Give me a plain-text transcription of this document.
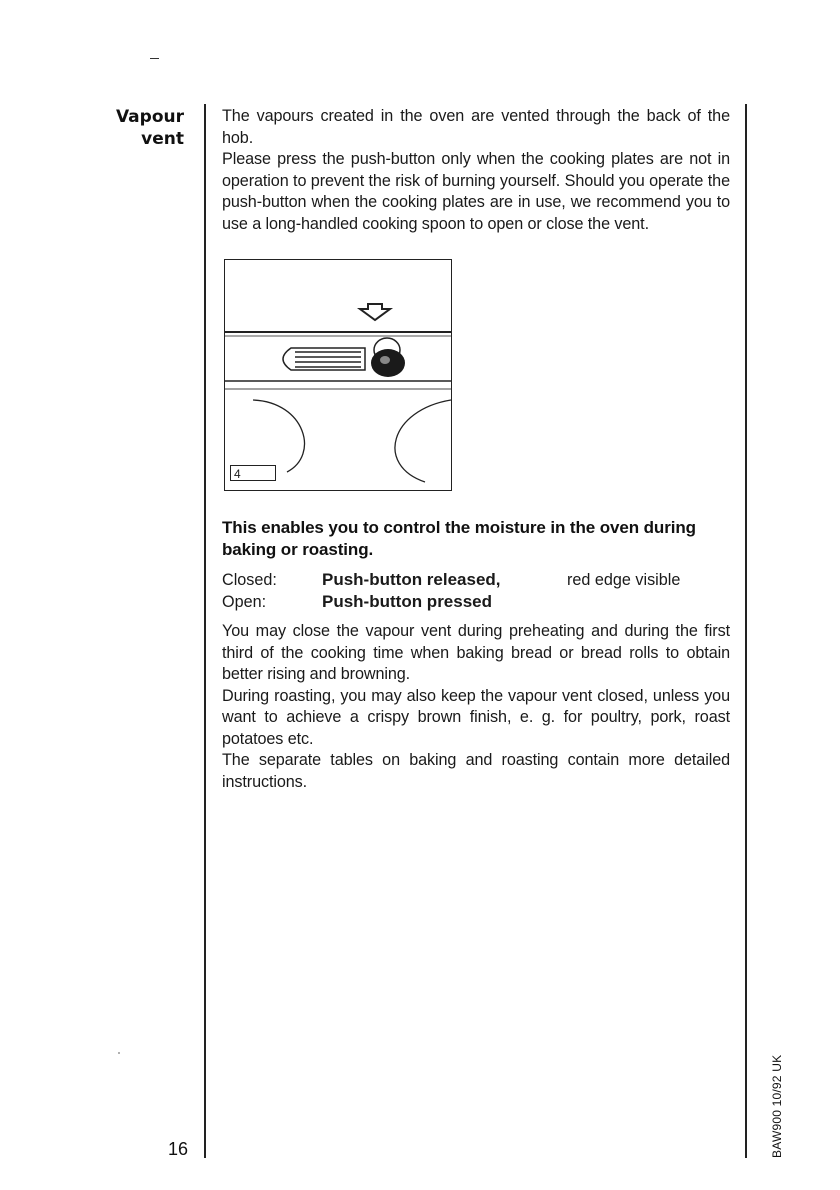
Vapour
vent

The vapours created in the oven are vented through the back of the hob.

Please press the push-button only when the cooking plates are not in operation to prevent the risk of burning yourself. Should you operate the push-button when the cooking plates are in use, we recommend you to use a long-handled cooking spoon to open or close the vent.

4

This enables you to control the moisture in the oven during baking or roasting.

Closed:	Push-button released,	red edge visible
Open:	Push-button pressed

You may close the vapour vent during preheating and during the first third of the cooking time when baking bread or bread rolls to obtain better rising and browning.

During roasting, you may also keep the vapour vent closed, unless you want to achieve a crispy brown finish, e. g. for poultry, pork, roast potatoes etc.

The separate tables on baking and roasting contain more detailed instructions.

16	BAW900 10/92 UK
